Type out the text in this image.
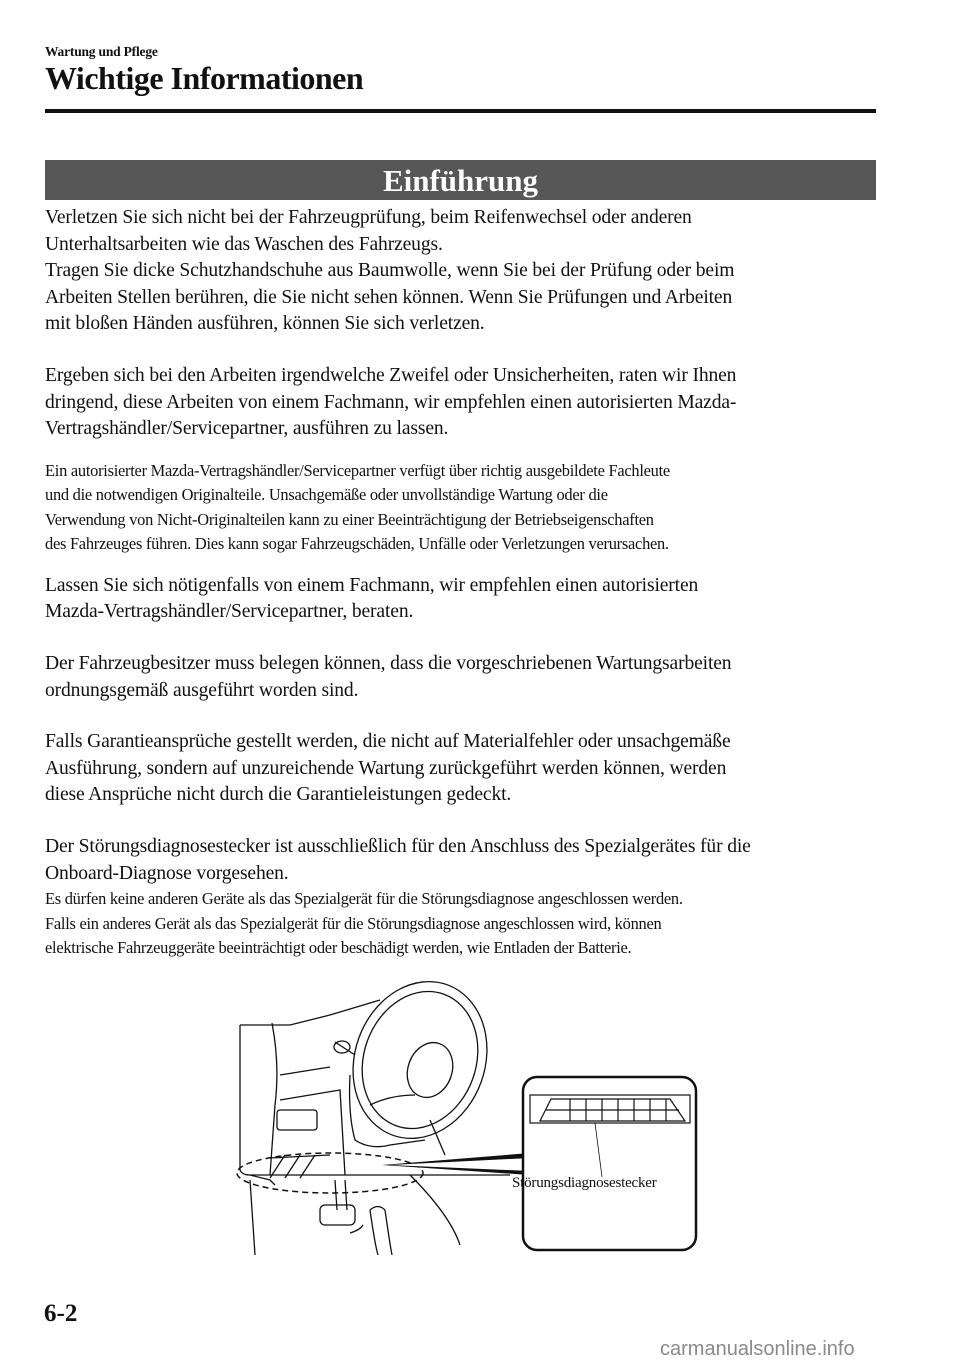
Wartung und Pflege
Wichtige Informationen
Einführung

Verletzen Sie sich nicht bei der Fahrzeugprüfung, beim Reifenwechsel oder anderen
Unterhaltsarbeiten wie das Waschen des Fahrzeugs.
Tragen Sie dicke Schutzhandschuhe aus Baumwolle, wenn Sie bei der Prüfung oder beim
Arbeiten Stellen berühren, die Sie nicht sehen können. Wenn Sie Prüfungen und Arbeiten
mit bloßen Händen ausführen, können Sie sich verletzen.

Ergeben sich bei den Arbeiten irgendwelche Zweifel oder Unsicherheiten, raten wir Ihnen
dringend, diese Arbeiten von einem Fachmann, wir empfehlen einen autorisierten Mazda-
Vertragshändler/Servicepartner, ausführen zu lassen.

Ein autorisierter Mazda-Vertragshändler/Servicepartner verfügt über richtig ausgebildete Fachleute
und die notwendigen Originalteile. Unsachgemäße oder unvollständige Wartung oder die
Verwendung von Nicht-Originalteilen kann zu einer Beeinträchtigung der Betriebseigenschaften
des Fahrzeuges führen. Dies kann sogar Fahrzeugschäden, Unfälle oder Verletzungen verursachen.

Lassen Sie sich nötigenfalls von einem Fachmann, wir empfehlen einen autorisierten
Mazda-Vertragshändler/Servicepartner, beraten.

Der Fahrzeugbesitzer muss belegen können, dass die vorgeschriebenen Wartungsarbeiten
ordnungsgemäß ausgeführt worden sind.

Falls Garantieansprüche gestellt werden, die nicht auf Materialfehler oder unsachgemäße
Ausführung, sondern auf unzureichende Wartung zurückgeführt werden können, werden
diese Ansprüche nicht durch die Garantieleistungen gedeckt.

Der Störungsdiagnosestecker ist ausschließlich für den Anschluss des Spezialgerätes für die
Onboard-Diagnose vorgesehen.

Es dürfen keine anderen Geräte als das Spezialgerät für die Störungsdiagnose angeschlossen werden.
Falls ein anderes Gerät als das Spezialgerät für die Störungsdiagnose angeschlossen wird, können
elektrische Fahrzeuggeräte beeinträchtigt oder beschädigt werden, wie Entladen der Batterie.

Störungsdiagnosestecker
6-2
carmanualsonline.info
